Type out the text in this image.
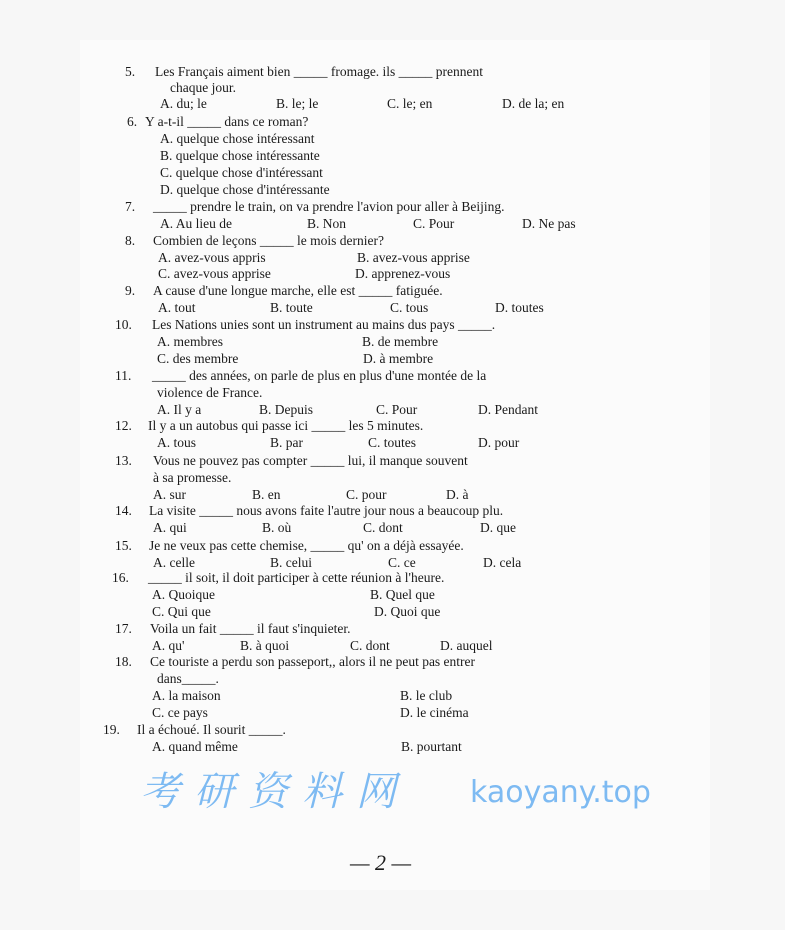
考研资料网 kaoyany.top
— 2 —
5. Les Français aiment bien _____ fromage. ils _____ prennent
chaque jour.
A. du; le	B. le; le	C. le; en	D. de la; en
6. Y a-t-il _____ dans ce roman?
A. quelque chose intéressant
B. quelque chose intéressante
C. quelque chose d'intéressant
D. quelque chose d'intéressante
7. _____ prendre le train, on va prendre l'avion pour aller à Beijing.
A. Au lieu de	B. Non	C. Pour	D. Ne pas
8. Combien de leçons _____ le mois dernier?
A. avez-vous appris	B. avez-vous apprise
C. avez-vous apprise	D. apprenez-vous
9. A cause d'une longue marche, elle est _____ fatiguée.
A. tout	B. toute	C. tous	D. toutes
10. Les Nations unies sont un instrument au mains dus pays _____.
A. membres	B. de membre
C. des membre	D. à membre
11. _____ des années, on parle de plus en plus d'une montée de la
violence de France.
A. Il y a	B. Depuis	C. Pour	D. Pendant
12. Il y a un autobus qui passe ici _____ les 5 minutes.
A. tous	B. par	C. toutes	D. pour
13. Vous ne pouvez pas compter _____ lui, il manque souvent
à sa promesse.
A. sur	B. en	C. pour	D. à
14. La visite _____ nous avons faite l'autre jour nous a beaucoup plu.
A. qui	B. où	C. dont	D. que
15. Je ne veux pas cette chemise, _____ qu' on a déjà essayée.
A. celle	B. celui	C. ce	D. cela
16. _____ il soit, il doit participer à cette réunion à l'heure.
A. Quoique	B. Quel que
C. Qui que	D. Quoi que
17. Voila un fait _____ il faut s'inquieter.
A. qu'	B. à quoi	C. dont	D. auquel
18. Ce touriste a perdu son passeport,, alors il ne peut pas entrer
dans_____.
A. la maison	B. le club
C. ce pays	D. le cinéma
19. Il a échoué. Il sourit _____.
A. quand même	B. pourtant
